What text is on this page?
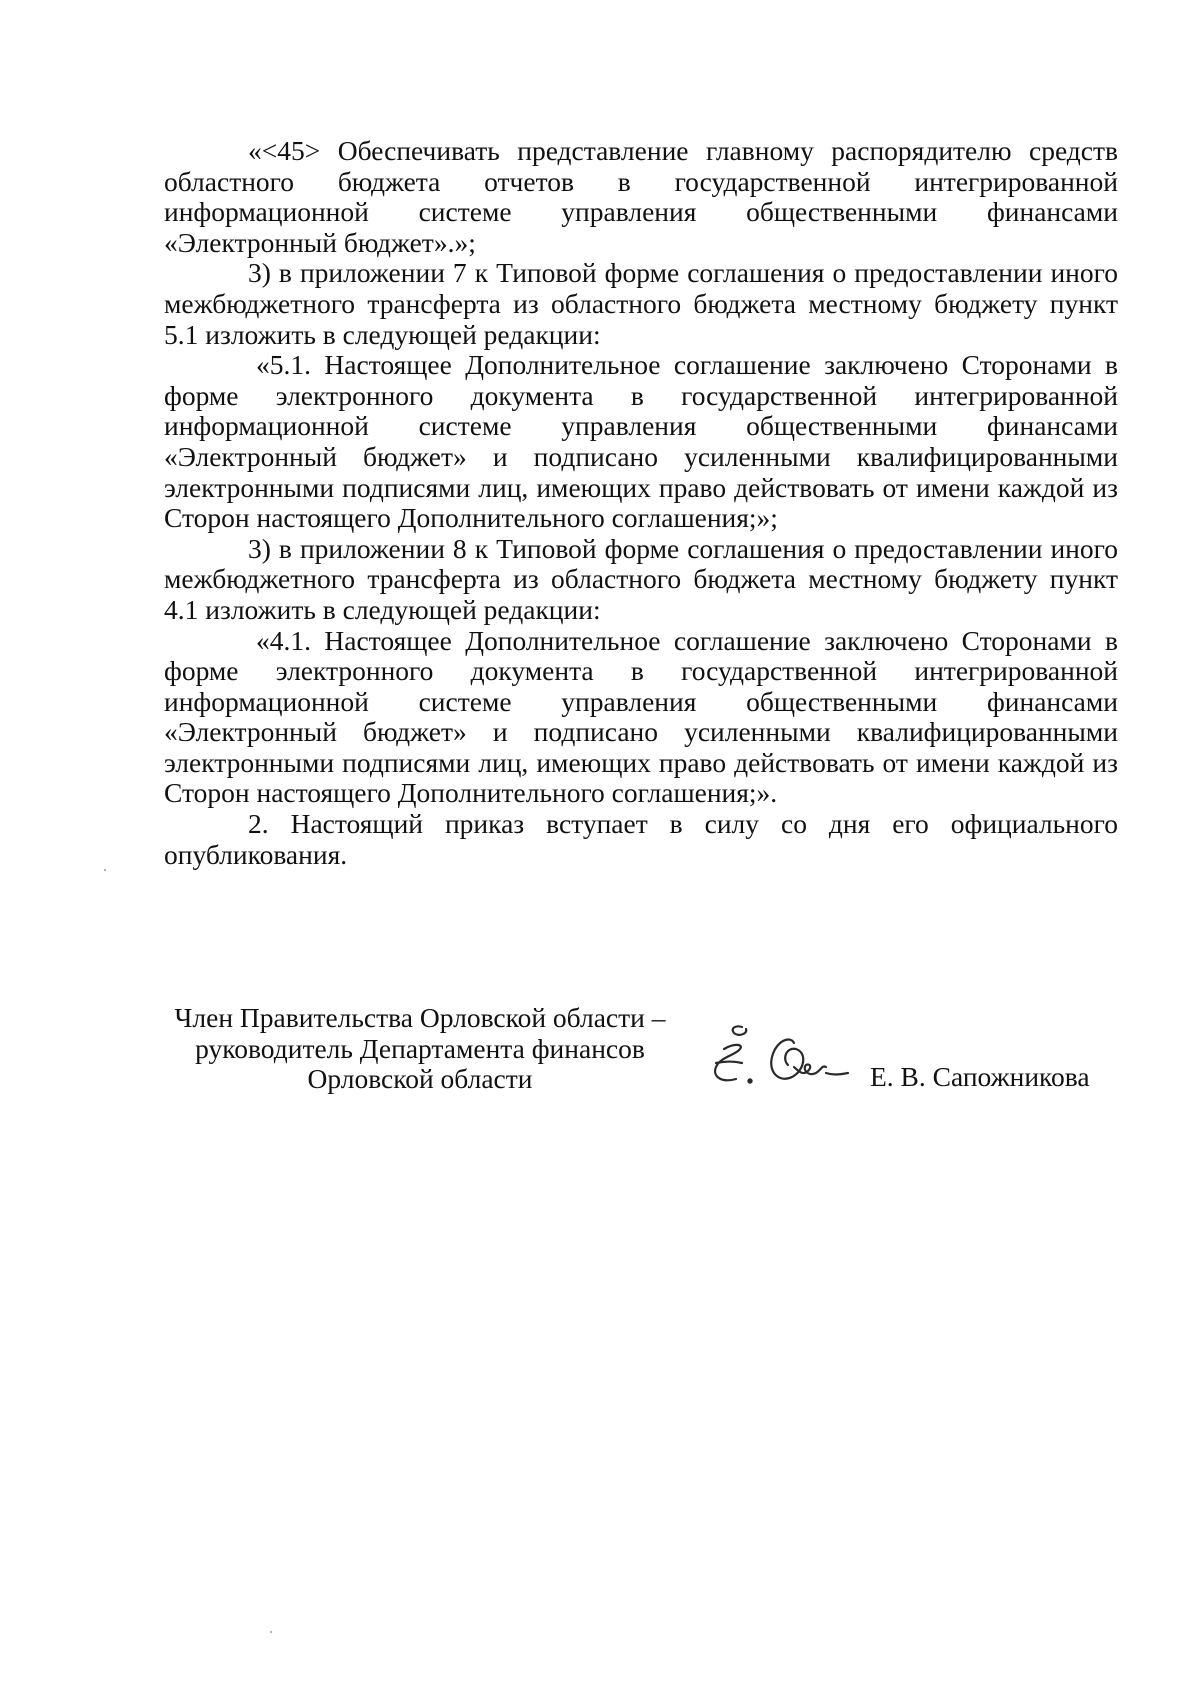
«<45> Обеспечивать представление главному распорядителю средств областного бюджета отчетов в государственной интегрированной информационной системе управления общественными финансами «Электронный бюджет».»;

3) в приложении 7 к Типовой форме соглашения о предоставлении иного межбюджетного трансферта из областного бюджета местному бюджету пункт 5.1 изложить в следующей редакции:

«5.1. Настоящее Дополнительное соглашение заключено Сторонами в форме электронного документа в государственной интегрированной информационной системе управления общественными финансами «Электронный бюджет» и подписано усиленными квалифицированными электронными подписями лиц, имеющих право действовать от имени каждой из Сторон настоящего Дополнительного соглашения;»;

3) в приложении 8 к Типовой форме соглашения о предоставлении иного межбюджетного трансферта из областного бюджета местному бюджету пункт 4.1 изложить в следующей редакции:

«4.1. Настоящее Дополнительное соглашение заключено Сторонами в форме электронного документа в государственной интегрированной информационной системе управления общественными финансами «Электронный бюджет» и подписано усиленными квалифицированными электронными подписями лиц, имеющих право действовать от имени каждой из Сторон настоящего Дополнительного соглашения;».

2. Настоящий приказ вступает в силу со дня его официального опубликования.

Член Правительства Орловской области –
руководитель Департамента финансов
Орловской области	Е. В. Сапожникова
